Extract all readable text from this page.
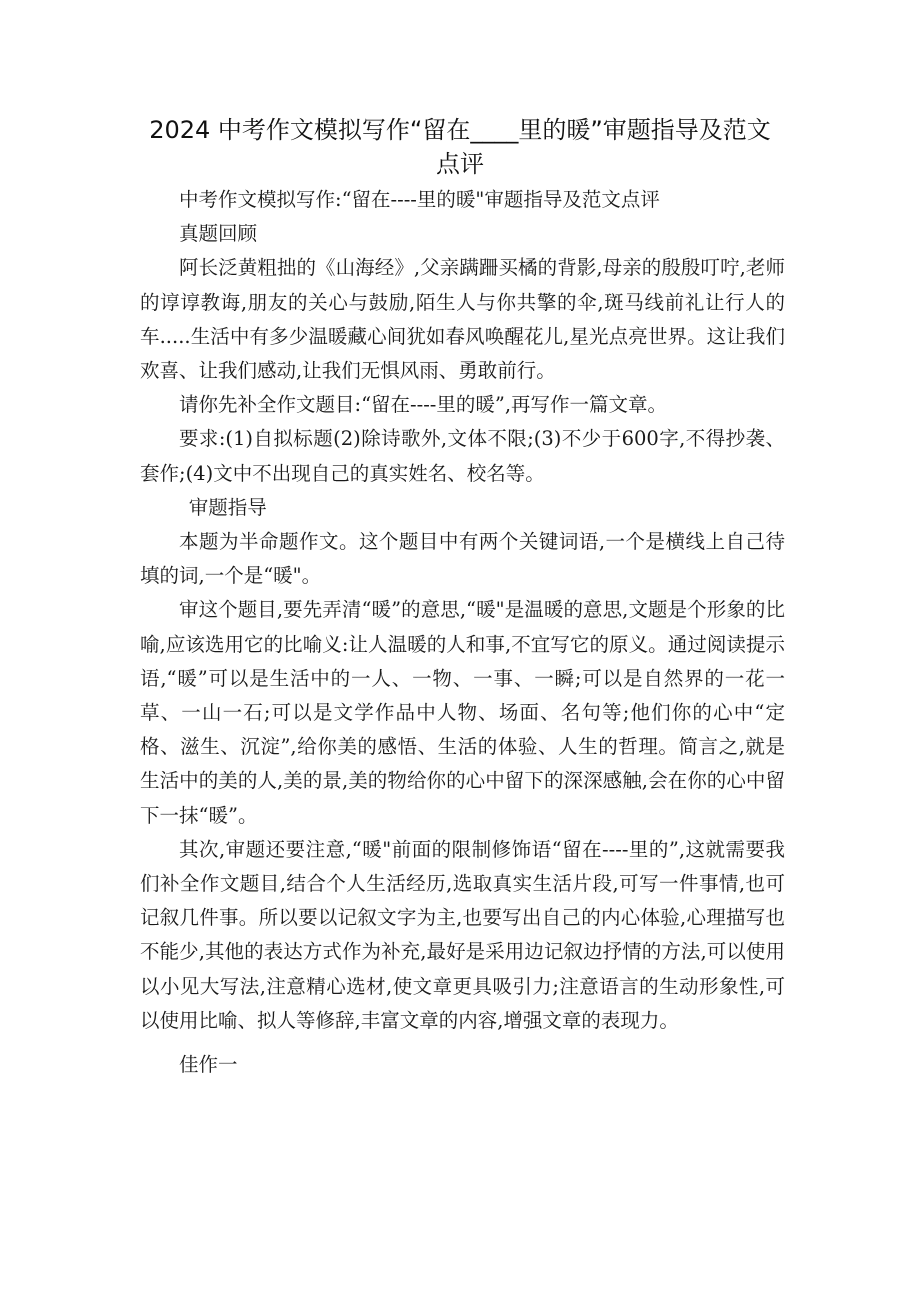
2024 中考作文模拟写作“留在____里的暖”审题指导及范文点评

中考作文模拟写作:“留在----里的暖"审题指导及范文点评

真题回顾

阿长泛黄粗拙的《山海经》,父亲蹒跚买橘的背影,母亲的殷殷叮咛,老师的谆谆教诲,朋友的关心与鼓励,陌生人与你共擎的伞,斑马线前礼让行人的车.....生活中有多少温暖藏心间犹如春风唤醒花儿,星光点亮世界。这让我们欢喜、让我们感动,让我们无惧风雨、勇敢前行。

请你先补全作文题目:“留在----里的暖”,再写作一篇文章。

要求:(1)自拟标题(2)除诗歌外,文体不限;(3)不少于600字,不得抄袭、套作;(4)文中不出现自己的真实姓名、校名等。

审题指导

本题为半命题作文。这个题目中有两个关键词语,一个是横线上自己待填的词,一个是“暖"。

审这个题目,要先弄清“暖”的意思,“暖"是温暖的意思,文题是个形象的比喻,应该选用它的比喻义:让人温暖的人和事,不宜写它的原义。通过阅读提示语,“暖”可以是生活中的一人、一物、一事、一瞬;可以是自然界的一花一草、一山一石;可以是文学作品中人物、场面、名句等;他们你的心中“定格、滋生、沉淀”,给你美的感悟、生活的体验、人生的哲理。简言之,就是生活中的美的人,美的景,美的物给你的心中留下的深深感触,会在你的心中留下一抹“暖”。

其次,审题还要注意,“暖"前面的限制修饰语“留在----里的”,这就需要我们补全作文题目,结合个人生活经历,选取真实生活片段,可写一件事情,也可记叙几件事。所以要以记叙文字为主,也要写出自己的内心体验,心理描写也不能少,其他的表达方式作为补充,最好是采用边记叙边抒情的方法,可以使用以小见大写法,注意精心选材,使文章更具吸引力;注意语言的生动形象性,可以使用比喻、拟人等修辞,丰富文章的内容,增强文章的表现力。

佳作一
